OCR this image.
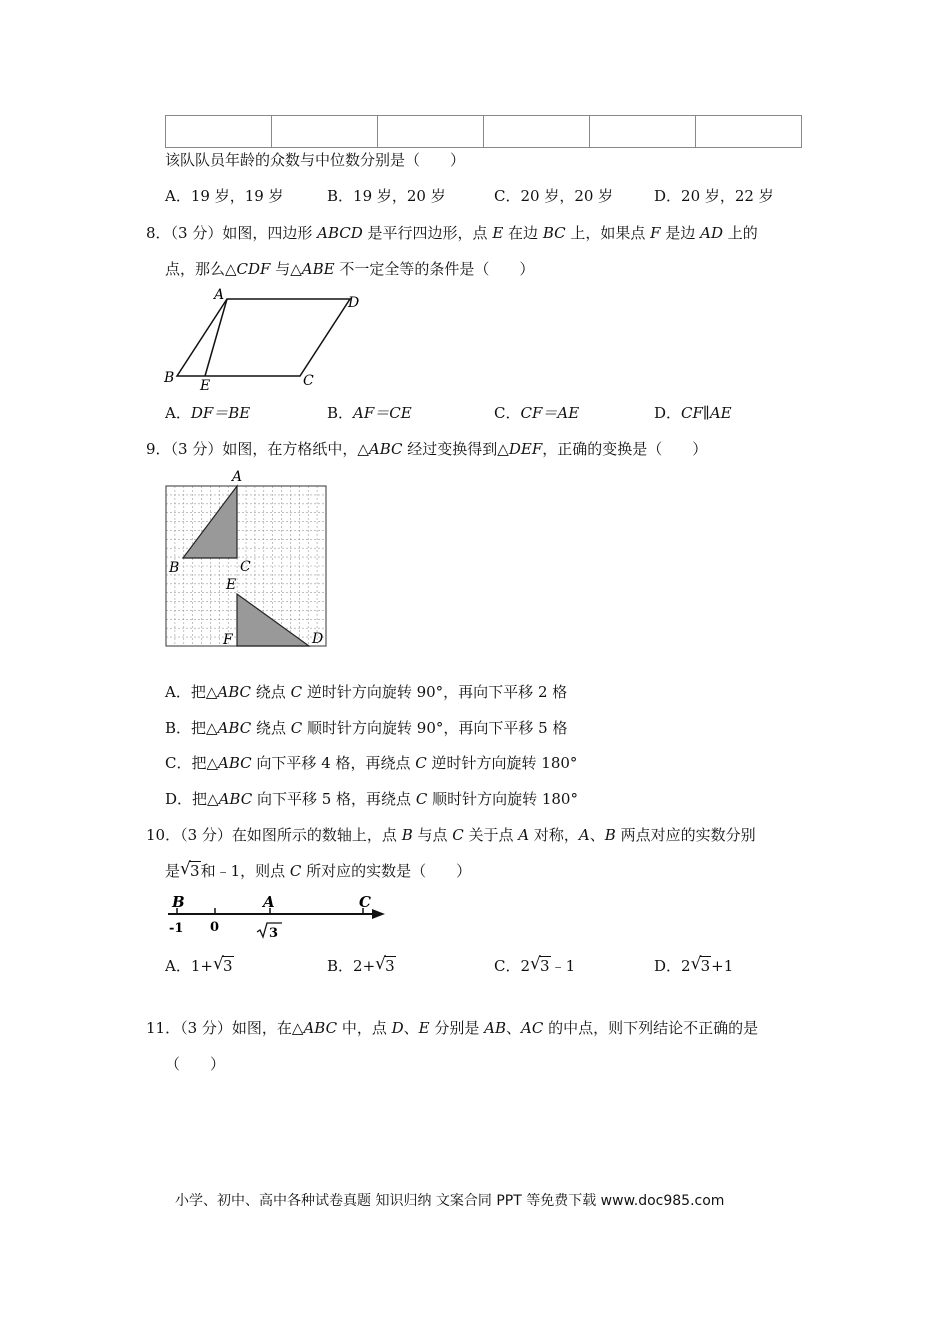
该队队员年龄的众数与中位数分别是（　　）
A．19 岁，19 岁	B．19 岁，20 岁	C．20 岁，20 岁	D．20 岁，22 岁
8．（3 分）如图，四边形 ABCD 是平行四边形，点 E 在边 BC 上，如果点 F 是边 AD 上的
点，那么△CDF 与△ABE 不一定全等的条件是（　　）
A	D
B E	C
A．DF＝BE	B．AF＝CE	C．CF＝AE	D．CF∥AE
9．（3 分）如图，在方格纸中，△ABC 经过变换得到△DEF，正确的变换是（　　）
A
B	C
E
F	D
A．把△ABC 绕点 C 逆时针方向旋转 90°，再向下平移 2 格
B．把△ABC 绕点 C 顺时针方向旋转 90°，再向下平移 5 格
C．把△ABC 向下平移 4 格，再绕点 C 逆时针方向旋转 180°
D．把△ABC 向下平移 5 格，再绕点 C 顺时针方向旋转 180°
10．（3 分）在如图所示的数轴上，点 B 与点 C 关于点 A 对称，A、B 两点对应的实数分别
是 √ 3和﹣1，则点 C 所对应的实数是（　　）
B	A	C
-1 0	3
A．1+ √ 3	B．2+ √ 3	C．2 √ 3﹣1	D．2 √ 3+1
11．（3 分）如图，在△ABC 中，点 D、E 分别是 AB、AC 的中点，则下列结论不正确的是
（　　）
小学、初中、高中各种试卷真题 知识归纳 文案合同 PPT 等免费下载 www.doc985.com
